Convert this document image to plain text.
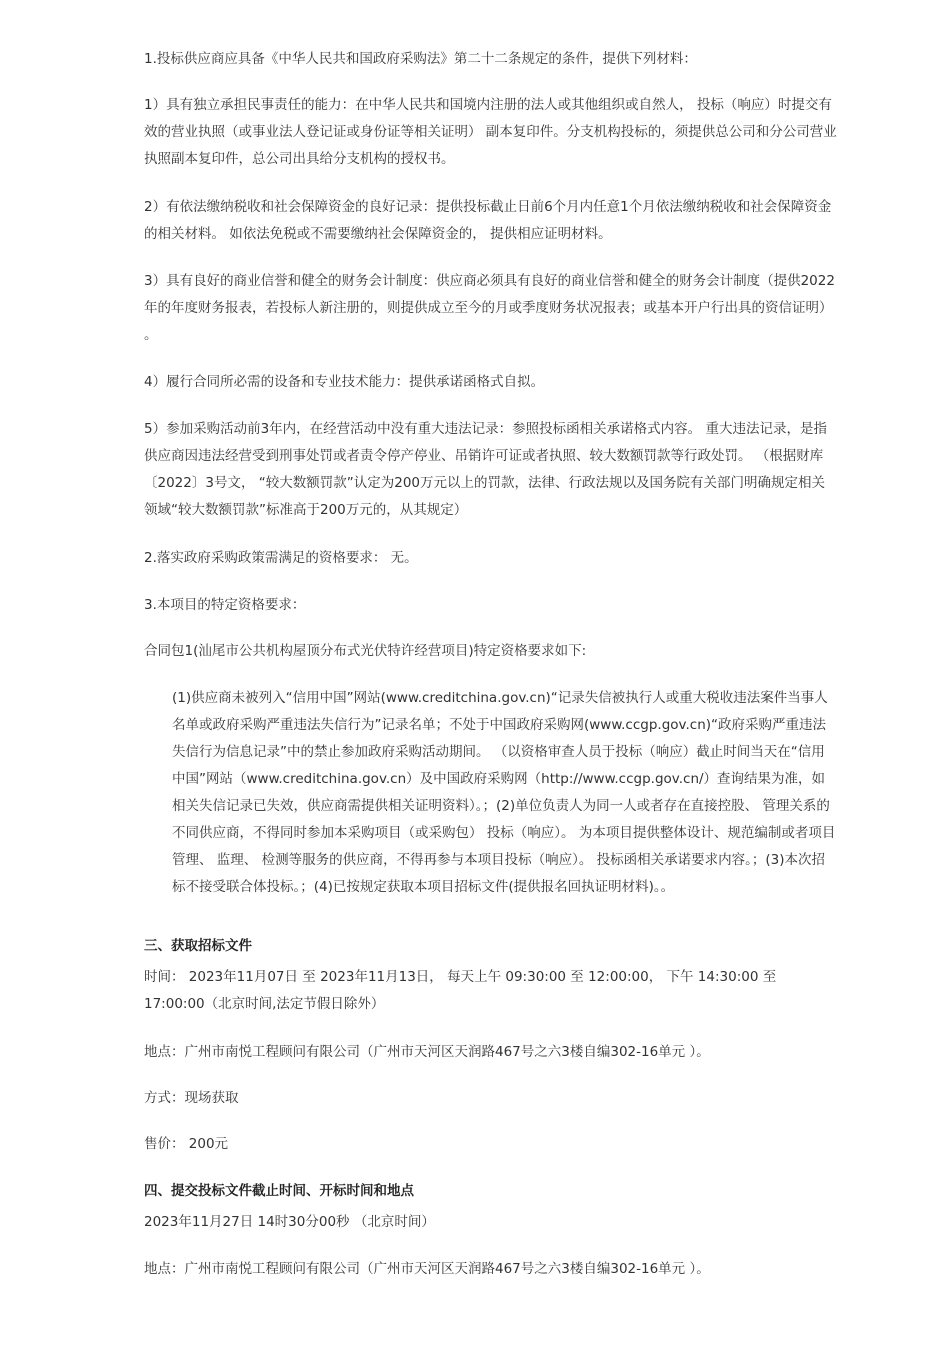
1.投标供应商应具备《中华人民共和国政府采购法》第二十二条规定的条件，提供下列材料：

1）具有独立承担民事责任的能力：在中华人民共和国境内注册的法人或其他组织或自然人， 投标（响应）时提交有效的营业执照（或事业法人登记证或身份证等相关证明） 副本复印件。分支机构投标的，须提供总公司和分公司营业执照副本复印件，总公司出具给分支机构的授权书。

2）有依法缴纳税收和社会保障资金的良好记录：提供投标截止日前6个月内任意1个月依法缴纳税收和社会保障资金的相关材料。 如依法免税或不需要缴纳社会保障资金的， 提供相应证明材料。

3）具有良好的商业信誉和健全的财务会计制度：供应商必须具有良好的商业信誉和健全的财务会计制度（提供2022年的年度财务报表，若投标人新注册的，则提供成立至今的月或季度财务状况报表；或基本开户行出具的资信证明） 。

4）履行合同所必需的设备和专业技术能力：提供承诺函格式自拟。

5）参加采购活动前3年内，在经营活动中没有重大违法记录：参照投标函相关承诺格式内容。 重大违法记录，是指供应商因违法经营受到刑事处罚或者责令停产停业、吊销许可证或者执照、较大数额罚款等行政处罚。 （根据财库〔2022〕3号文， “较大数额罚款”认定为200万元以上的罚款，法律、行政法规以及国务院有关部门明确规定相关领域“较大数额罚款”标准高于200万元的，从其规定）

2.落实政府采购政策需满足的资格要求： 无。

3.本项目的特定资格要求：

合同包1(汕尾市公共机构屋顶分布式光伏特许经营项目)特定资格要求如下:

(1)供应商未被列入“信用中国”网站(www.creditchina.gov.cn)“记录失信被执行人或重大税收违法案件当事人名单或政府采购严重违法失信行为”记录名单；不处于中国政府采购网(www.ccgp.gov.cn)“政府采购严重违法失信行为信息记录”中的禁止参加政府采购活动期间。 （以资格审查人员于投标（响应）截止时间当天在“信用中国”网站（www.creditchina.gov.cn）及中国政府采购网（http://www.ccgp.gov.cn/）查询结果为准，如相关失信记录已失效，供应商需提供相关证明资料）。；(2)单位负责人为同一人或者存在直接控股、 管理关系的不同供应商，不得同时参加本采购项目（或采购包） 投标（响应）。 为本项目提供整体设计、规范编制或者项目管理、 监理、 检测等服务的供应商，不得再参与本项目投标（响应）。 投标函相关承诺要求内容。；(3)本次招标不接受联合体投标。；(4)已按规定获取本项目招标文件(提供报名回执证明材料)。。

三、获取招标文件

时间： 2023年11月07日 至 2023年11月13日， 每天上午 09:30:00 至 12:00:00， 下午 14:30:00 至 17:00:00（北京时间,法定节假日除外）

地点：广州市南悦工程顾问有限公司（广州市天河区天润路467号之六3楼自编302-16单元 ）。

方式：现场获取

售价： 200元

四、提交投标文件截止时间、开标时间和地点

2023年11月27日 14时30分00秒 （北京时间）

地点：广州市南悦工程顾问有限公司（广州市天河区天润路467号之六3楼自编302-16单元 ）。
